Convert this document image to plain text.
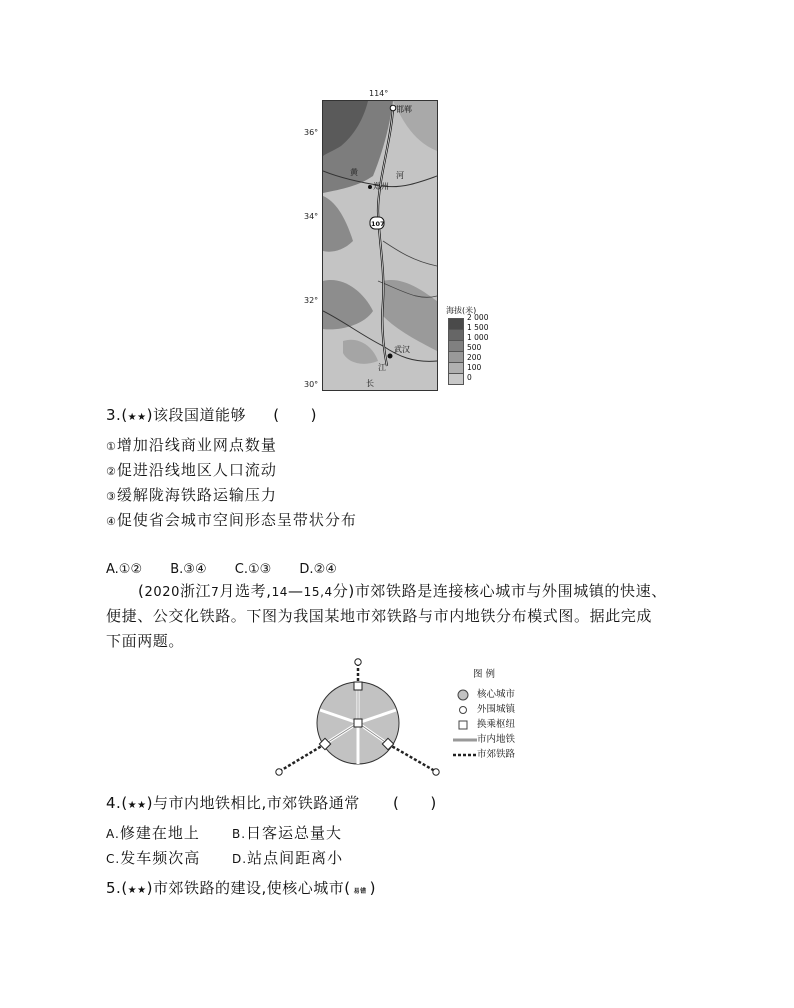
114°
36°
34°
32°
30°
邯郸
郑州
武汉
黄	河
江
长
107
海拔(米)
2 000
1 500
1 000
500
200
100
0
3.(★★)该段国道能够 (　　)
①增加沿线商业网点数量
②促进沿线地区人口流动
③缓解陇海铁路运输压力
④促使省会城市空间形态呈带状分布
A.①② B.③④ C.①③ D.②④
(2020浙江7月选考,14—15,4分)市郊铁路是连接核心城市与外围城镇的快速、
便捷、公交化铁路。下图为我国某地市郊铁路与市内地铁分布模式图。据此完成
下面两题。
图 例
核心城市
外围城镇
换乘枢纽
市内地铁
市郊铁路
4.(★★)与市内地铁相比,市郊铁路通常 (　　)
A.修建在地上	B.日客运总量大
C.发车频次高	D.站点间距离小
5.(★★)市郊铁路的建设,使核心城市( 易错 )
